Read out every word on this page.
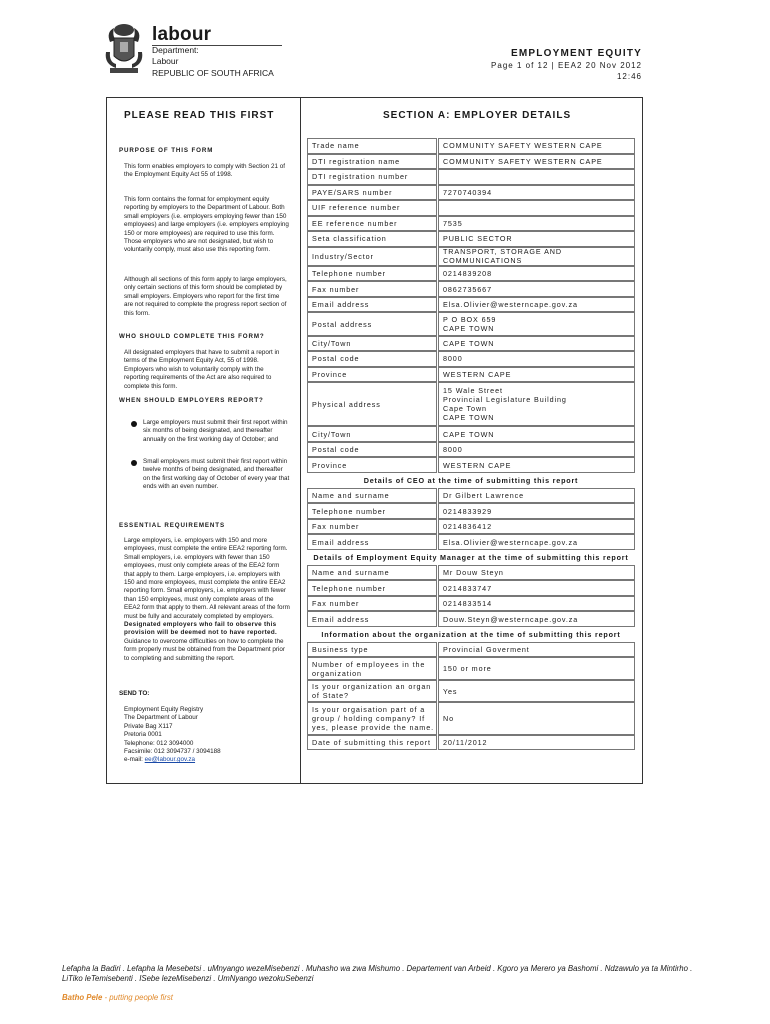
labour
Department:
Labour
REPUBLIC OF SOUTH AFRICA
EMPLOYMENT EQUITY
Page 1 of 12 | EEA2 20 Nov 2012
12:46
PLEASE READ THIS FIRST	SECTION A: EMPLOYER DETAILS
PURPOSE OF THIS FORM
This form enables employers to comply with Section 21 of the Employment Equity Act 55 of 1998.
This form contains the format for employment equity reporting by employers to the Department of Labour. Both small employers (i.e. employers employing fewer than 150 employees) and large employers (i.e. employers employing 150 or more employees) are required to use this form. Those employers who are not designated, but wish to voluntarily comply, must also use this reporting form.
Although all sections of this form apply to large employers, only certain sections of this form should be completed by small employers. Employers who report for the first time are not required to complete the progress report section of this form.
WHO SHOULD COMPLETE THIS FORM?
All designated employers that have to submit a report in terms of the Employment Equity Act, 55 of 1998. Employers who wish to voluntarily comply with the reporting requirements of the Act are also required to complete this form.
WHEN SHOULD EMPLOYERS REPORT?
Large employers must submit their first report within six months of being designated, and thereafter annually on the first working day of October; and
Small employers must submit their first report within twelve months of being designated, and thereafter on the first working day of October of every year that ends with an even number.
ESSENTIAL REQUIREMENTS
Large employers, i.e. employers with 150 and more employees, must complete the entire EEA2 reporting form. Small employers, i.e. employers with fewer than 150 employees, must only complete areas of the EEA2 form that apply to them. Large employers, i.e. employers with 150 and more employees, must complete the entire EEA2 reporting form. Small employers, i.e. employers with fewer than 150 employees, must only complete areas of the EEA2 form that apply to them. All relevant areas of the form must be fully and accurately completed by employers. Designated employers who fail to observe this provision will be deemed not to have reported. Guidance to overcome difficulties on how to complete the form properly must be obtained from the Department prior to completing and submitting the report.
SEND TO:
Employment Equity Registry
The Department of Labour
Private Bag X117
Pretoria 0001
Telephone: 012 3094000
Facsimile: 012 3094737 / 3094188
e-mail: ee@labour.gov.za
Trade name	COMMUNITY SAFETY WESTERN CAPE
DTI registration name	COMMUNITY SAFETY WESTERN CAPE
DTI registration number
PAYE/SARS number	7270740394
UIF reference number
EE reference number	7535
Seta classification	PUBLIC SECTOR
Industry/Sector	TRANSPORT, STORAGE AND COMMUNICATIONS
Telephone number	0214839208
Fax number	0862735667
Email address	Elsa.Olivier@westerncape.gov.za
Postal address	P O BOX 659
CAPE TOWN
City/Town	CAPE TOWN
Postal code	8000
Province	WESTERN CAPE
Physical address
15 Wale Street
Provincial Legislature Building
Cape Town
CAPE TOWN
City/Town	CAPE TOWN
Postal code	8000
Province	WESTERN CAPE
Details of CEO at the time of submitting this report
Name and surname	Dr Gilbert Lawrence
Telephone number	0214833929
Fax number	0214836412
Email address	Elsa.Olivier@westerncape.gov.za
Details of Employment Equity Manager at the time of submitting this report
Name and surname	Mr Douw Steyn
Telephone number	0214833747
Fax number	0214833514
Email address	Douw.Steyn@westerncape.gov.za
Information about the organization at the time of submitting this report
Business type	Provincial Goverment
Number of employees in the organization	150 or more
Is your organization an organ of State?	Yes
Is your orgaisation part of a group / holding company? If yes, please provide the name.
No
Date of submitting this report	20/11/2012
Lefapha la Badiri . Lefapha la Mesebetsi . uMnyango wezeMisebenzi . Muhasho wa zwa Mishumo . Departement van Arbeid . Kgoro ya Merero ya Bashomi . Ndzawulo ya ta Mintirho . LiTiko leTemisebenti . ISebe lezeMisebenzi . UmNyango wezokuSebenzi
Batho Pele - putting people first
